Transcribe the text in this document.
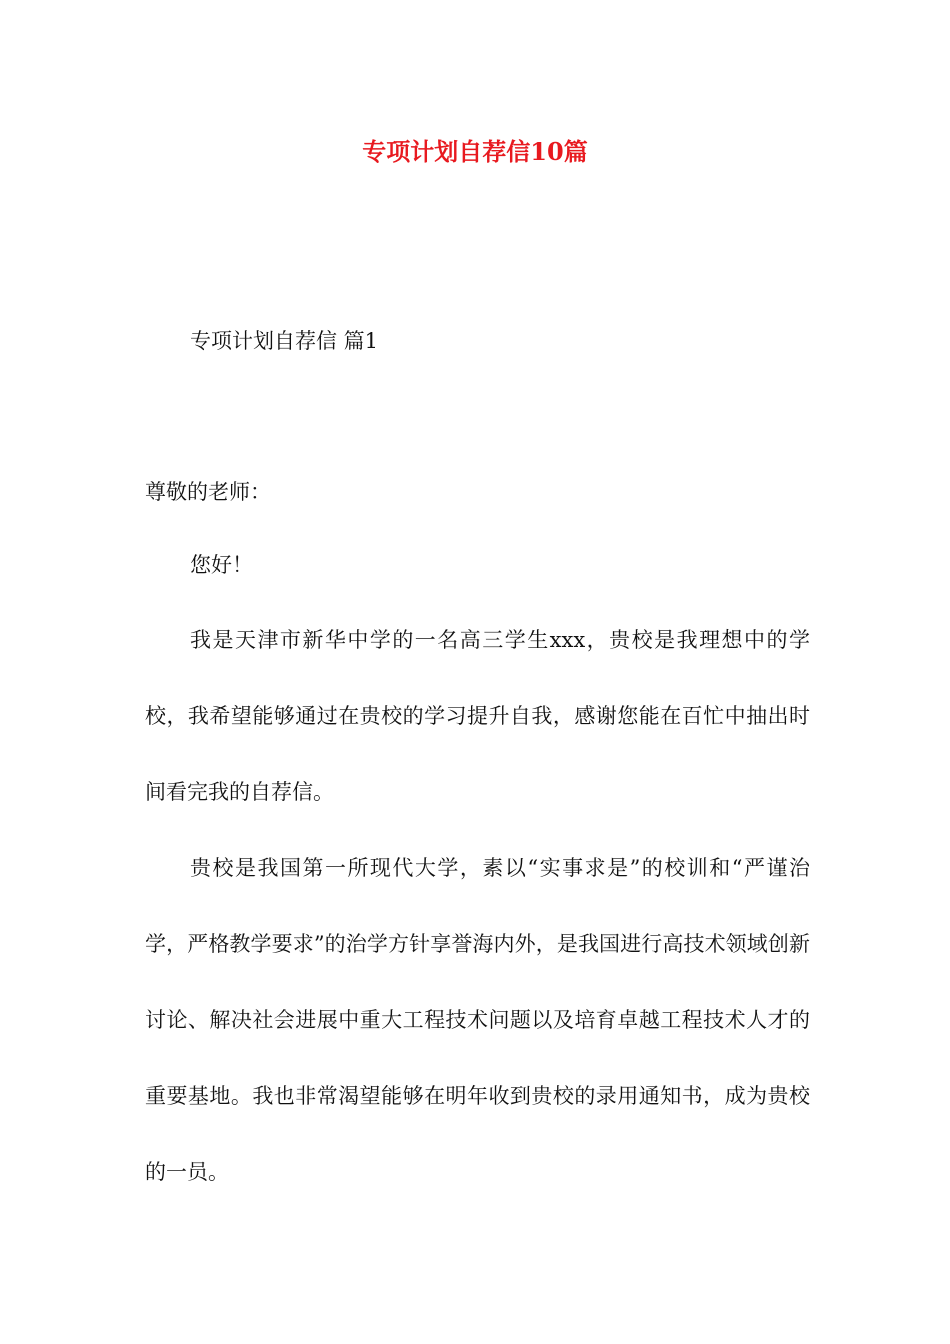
专项计划自荐信10篇
专项计划自荐信 篇1
尊敬的老师：
您好！

我是天津市新华中学的一名高三学生xxx，贵校是我理想中的学校，我希望能够通过在贵校的学习提升自我，感谢您能在百忙中抽出时间看完我的自荐信。

贵校是我国第一所现代大学，素以“实事求是”的校训和“严谨治学，严格教学要求”的治学方针享誉海内外，是我国进行高技术领域创新讨论、解决社会进展中重大工程技术问题以及培育卓越工程技术人才的重要基地。我也非常渴望能够在明年收到贵校的录用通知书，成为贵校的一员。
